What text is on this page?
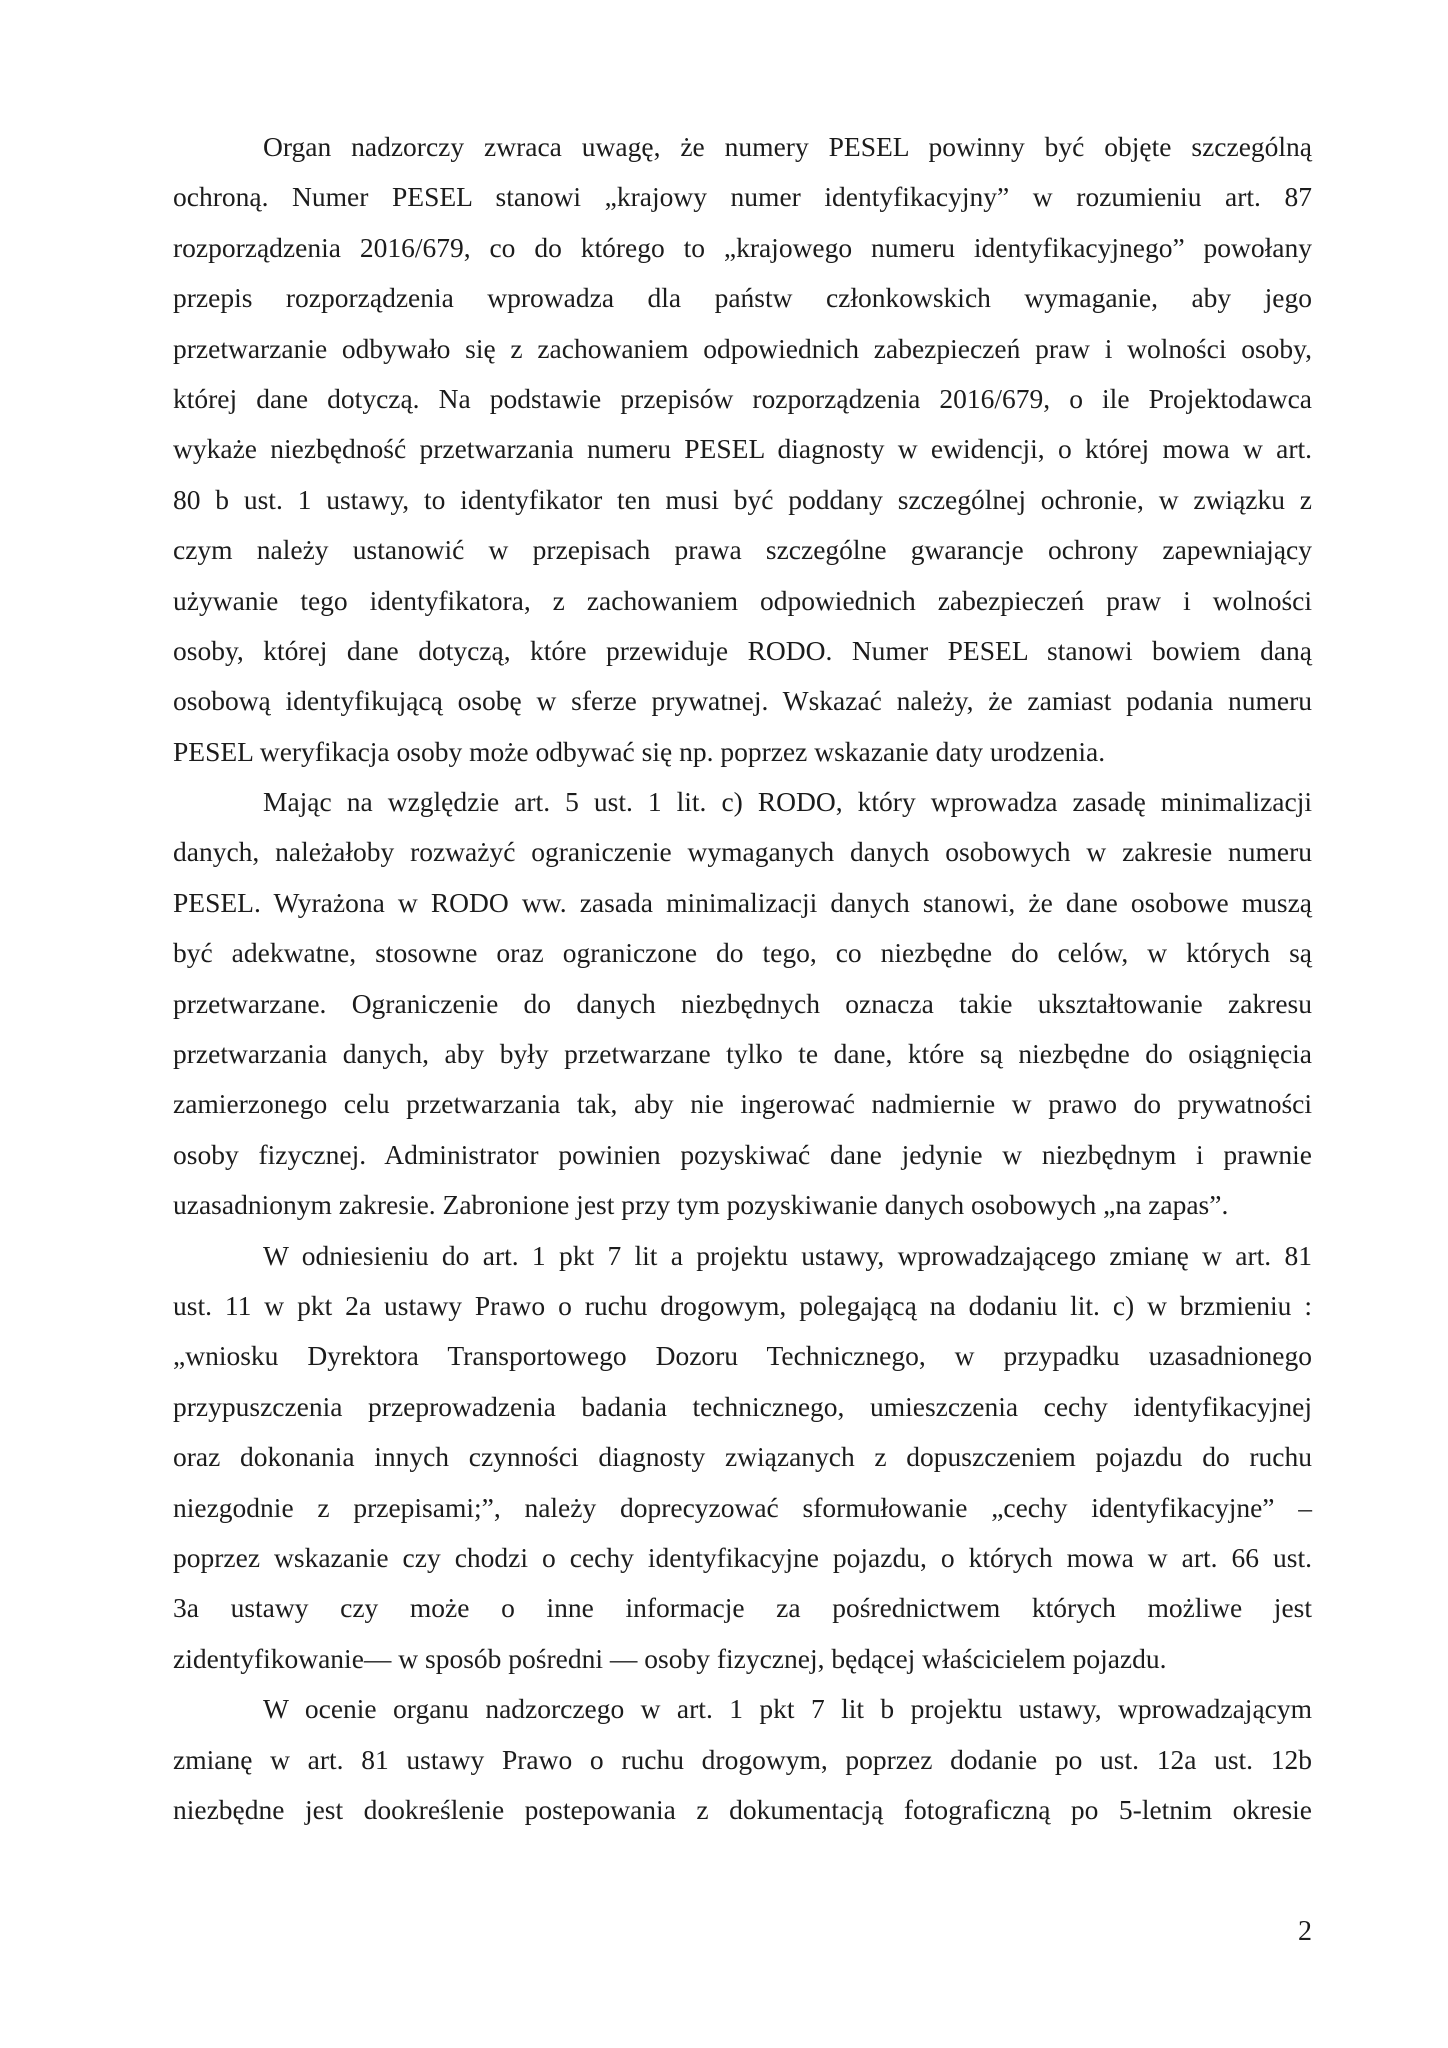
Organ nadzorczy zwraca uwagę, że numery PESEL powinny być objęte szczególną
ochroną. Numer PESEL stanowi „krajowy numer identyfikacyjny” w rozumieniu art. 87
rozporządzenia 2016/679, co do którego to „krajowego numeru identyfikacyjnego” powołany
przepis rozporządzenia wprowadza dla państw członkowskich wymaganie, aby jego
przetwarzanie odbywało się z zachowaniem odpowiednich zabezpieczeń praw i wolności osoby,
której dane dotyczą. Na podstawie przepisów rozporządzenia 2016/679, o ile Projektodawca
wykaże niezbędność przetwarzania numeru PESEL diagnosty w ewidencji, o której mowa w art.
80 b ust. 1 ustawy, to identyfikator ten musi być poddany szczególnej ochronie, w związku z
czym należy ustanowić w przepisach prawa szczególne gwarancje ochrony zapewniający
używanie tego identyfikatora, z zachowaniem odpowiednich zabezpieczeń praw i wolności
osoby, której dane dotyczą, które przewiduje RODO. Numer PESEL stanowi bowiem daną
osobową identyfikującą osobę w sferze prywatnej. Wskazać należy, że zamiast podania numeru
PESEL weryfikacja osoby może odbywać się np. poprzez wskazanie daty urodzenia.
Mając na względzie art. 5 ust. 1 lit. c) RODO, który wprowadza zasadę minimalizacji
danych, należałoby rozważyć ograniczenie wymaganych danych osobowych w zakresie numeru
PESEL. Wyrażona w RODO ww. zasada minimalizacji danych stanowi, że dane osobowe muszą
być adekwatne, stosowne oraz ograniczone do tego, co niezbędne do celów, w których są
przetwarzane. Ograniczenie do danych niezbędnych oznacza takie ukształtowanie zakresu
przetwarzania danych, aby były przetwarzane tylko te dane, które są niezbędne do osiągnięcia
zamierzonego celu przetwarzania tak, aby nie ingerować nadmiernie w prawo do prywatności
osoby fizycznej. Administrator powinien pozyskiwać dane jedynie w niezbędnym i prawnie
uzasadnionym zakresie. Zabronione jest przy tym pozyskiwanie danych osobowych „na zapas”.
W odniesieniu do art. 1 pkt 7 lit a projektu ustawy, wprowadzającego zmianę w art. 81
ust. 11 w pkt 2a ustawy Prawo o ruchu drogowym, polegającą na dodaniu lit. c) w brzmieniu :
„wniosku Dyrektora Transportowego Dozoru Technicznego, w przypadku uzasadnionego
przypuszczenia przeprowadzenia badania technicznego, umieszczenia cechy identyfikacyjnej
oraz dokonania innych czynności diagnosty związanych z dopuszczeniem pojazdu do ruchu
niezgodnie z przepisami;”, należy doprecyzować sformułowanie „cechy identyfikacyjne” –
poprzez wskazanie czy chodzi o cechy identyfikacyjne pojazdu, o których mowa w art. 66 ust.
3a ustawy czy może o inne informacje za pośrednictwem których możliwe jest
zidentyfikowanie— w sposób pośredni — osoby fizycznej, będącej właścicielem pojazdu.
W ocenie organu nadzorczego w art. 1 pkt 7 lit b projektu ustawy, wprowadzającym
zmianę w art. 81 ustawy Prawo o ruchu drogowym, poprzez dodanie po ust. 12a ust. 12b
niezbędne jest dookreślenie postepowania z dokumentacją fotograficzną po 5-letnim okresie
2
